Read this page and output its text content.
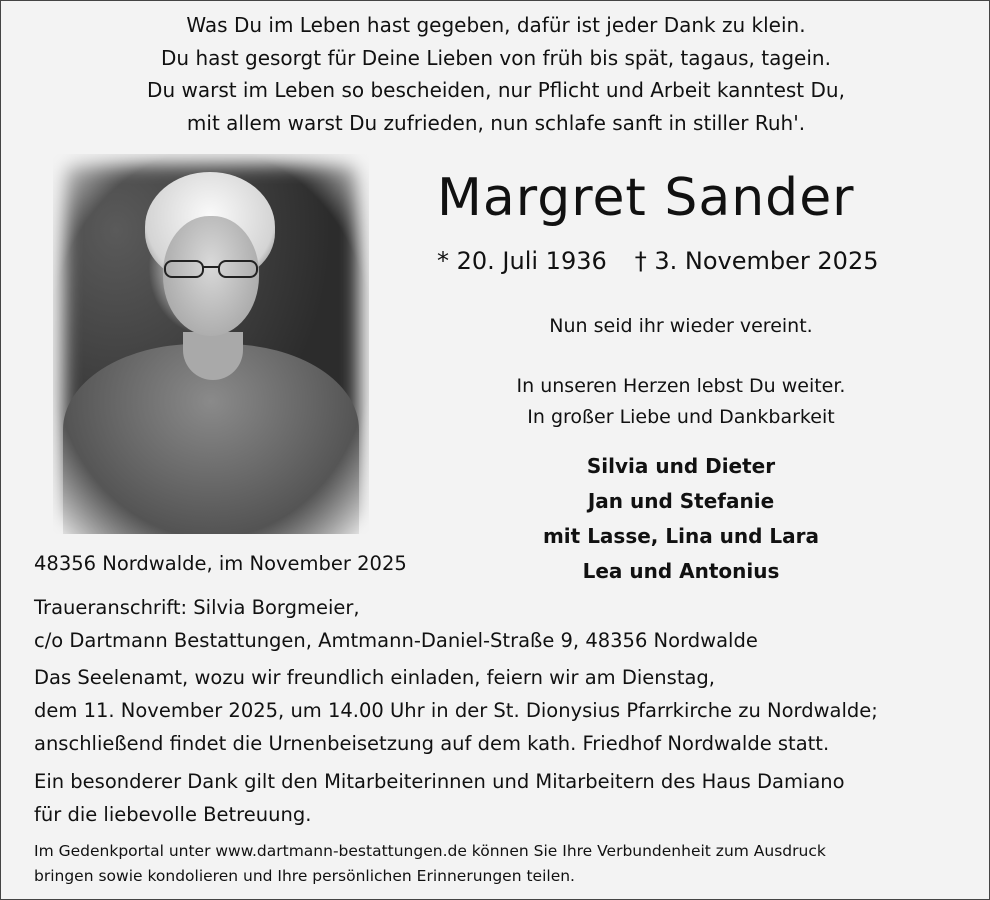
Was Du im Leben hast gegeben, dafür ist jeder Dank zu klein.
Du hast gesorgt für Deine Lieben von früh bis spät, tagaus, tagein.
Du warst im Leben so bescheiden, nur Pflicht und Arbeit kanntest Du,
mit allem warst Du zufrieden, nun schlafe sanft in stiller Ruh'.
Margret Sander
* 20. Juli 1936 † 3. November 2025
Nun seid ihr wieder vereint.
In unseren Herzen lebst Du weiter.
In großer Liebe und Dankbarkeit
Silvia und Dieter
Jan und Stefanie
mit Lasse, Lina und Lara
Lea und Antonius
48356 Nordwalde, im November 2025
Traueranschrift: Silvia Borgmeier,
c/o Dartmann Bestattungen, Amtmann-Daniel-Straße 9, 48356 Nordwalde
Das Seelenamt, wozu wir freundlich einladen, feiern wir am Dienstag,
dem 11. November 2025, um 14.00 Uhr in der St. Dionysius Pfarrkirche zu Nordwalde;
anschließend findet die Urnenbeisetzung auf dem kath. Friedhof Nordwalde statt.
Ein besonderer Dank gilt den Mitarbeiterinnen und Mitarbeitern des Haus Damiano
für die liebevolle Betreuung.
Im Gedenkportal unter www.dartmann-bestattungen.de können Sie Ihre Verbundenheit zum Ausdruck
bringen sowie kondolieren und Ihre persönlichen Erinnerungen teilen.
